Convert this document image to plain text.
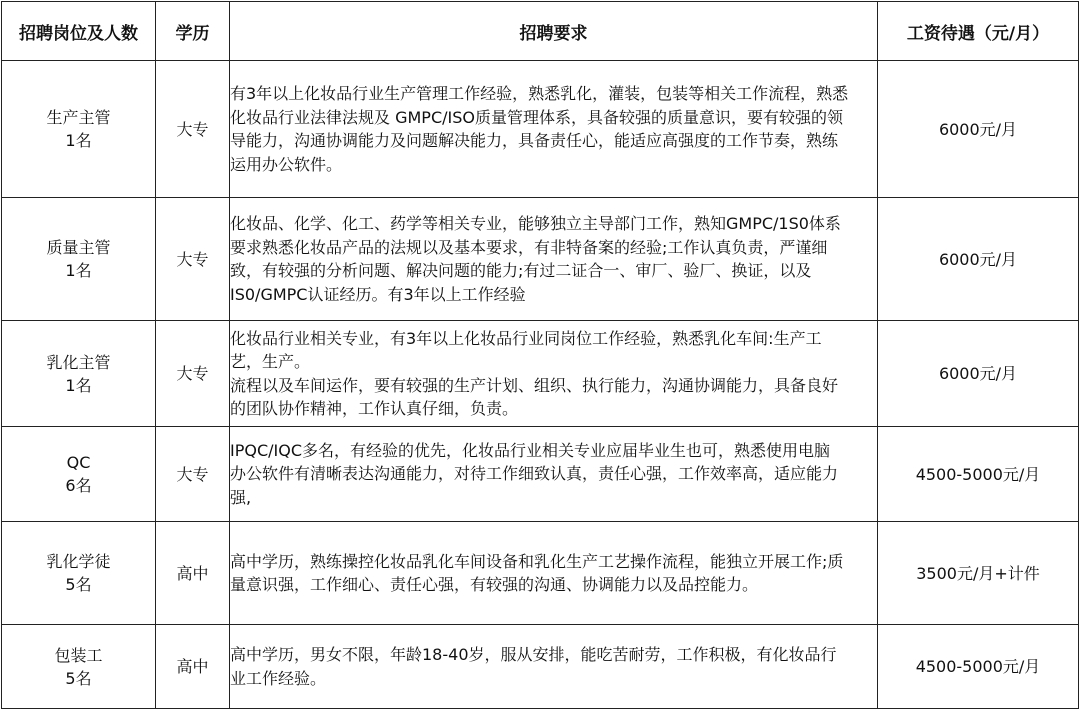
招聘岗位及人数	学历	招聘要求	工资待遇（元/月）

生产主管
1名	大专	有3年以上化妆品行业生产管理工作经验，熟悉乳化，灌装，包装等相关工作流程，熟悉
化妆品行业法律法规及 GMPC/ISO质量管理体系，具备较强的质量意识，要有较强的领
导能力，沟通协调能力及问题解决能力，具备责任心，能适应高强度的工作节奏，熟练
运用办公软件。	6000元/月

质量主管
1名	大专	化妆品、化学、化工、药学等相关专业，能够独立主导部门工作，熟知GMPC/1S0体系
要求熟悉化妆品产品的法规以及基本要求，有非特备案的经验;工作认真负责，严谨细
致，有较强的分析问题、解决问题的能力;有过二证合一、审厂、验厂、换证，以及
IS0/GMPC认证经历。有3年以上工作经验	6000元/月

乳化主管
1名	大专	化妆品行业相关专业，有3年以上化妆品行业同岗位工作经验，熟悉乳化车间:生产工
艺，生产。
流程以及车间运作，要有较强的生产计划、组织、执行能力，沟通协调能力，具备良好
的团队协作精神，工作认真仔细，负责。	6000元/月

QC
6名	大专	IPQC/IQC多名，有经验的优先，化妆品行业相关专业应届毕业生也可，熟悉使用电脑
办公软件有清晰表达沟通能力，对待工作细致认真，责任心强，工作效率高，适应能力
强,	4500-5000元/月

乳化学徒
5名	高中	高中学历，熟练操控化妆品乳化车间设备和乳化生产工艺操作流程，能独立开展工作;质
量意识强，工作细心、责任心强，有较强的沟通、协调能力以及品控能力。	3500元/月+计件

包装工
5名	高中	高中学历，男女不限，年龄18-40岁，服从安排，能吃苦耐劳，工作积极，有化妆品行
业工作经验。	4500-5000元/月
